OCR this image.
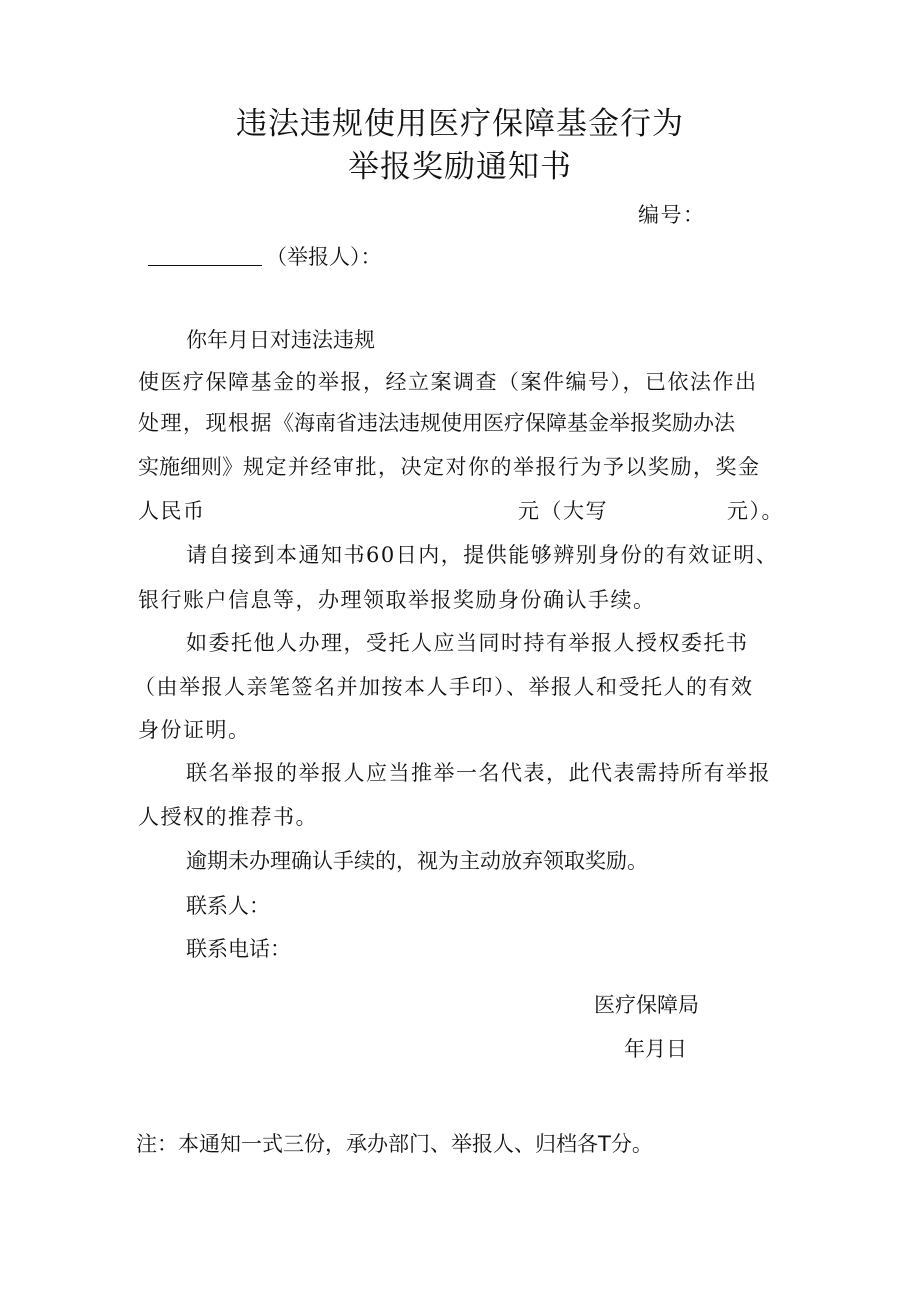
违法违规使用医疗保障基金行为
举报奖励通知书
编号：
（举报人）：
你年月日对违法违规
使医疗保障基金的举报，经立案调查（案件编号），已依法作出
处理，现根据《海南省违法违规使用医疗保障基金举报奖励办法
实施细则》规定并经审批，决定对你的举报行为予以奖励，奖金
人民币	元（大写	元）。
请自接到本通知书60日内，提供能够辨别身份的有效证明、
银行账户信息等，办理领取举报奖励身份确认手续。
如委托他人办理，受托人应当同时持有举报人授权委托书
（由举报人亲笔签名并加按本人手印）、举报人和受托人的有效
身份证明。
联名举报的举报人应当推举一名代表，此代表需持所有举报
人授权的推荐书。
逾期未办理确认手续的，视为主动放弃领取奖励。
联系人：
联系电话：
医疗保障局
年月日
注：本通知一式三份，承办部门、举报人、归档各T分。
